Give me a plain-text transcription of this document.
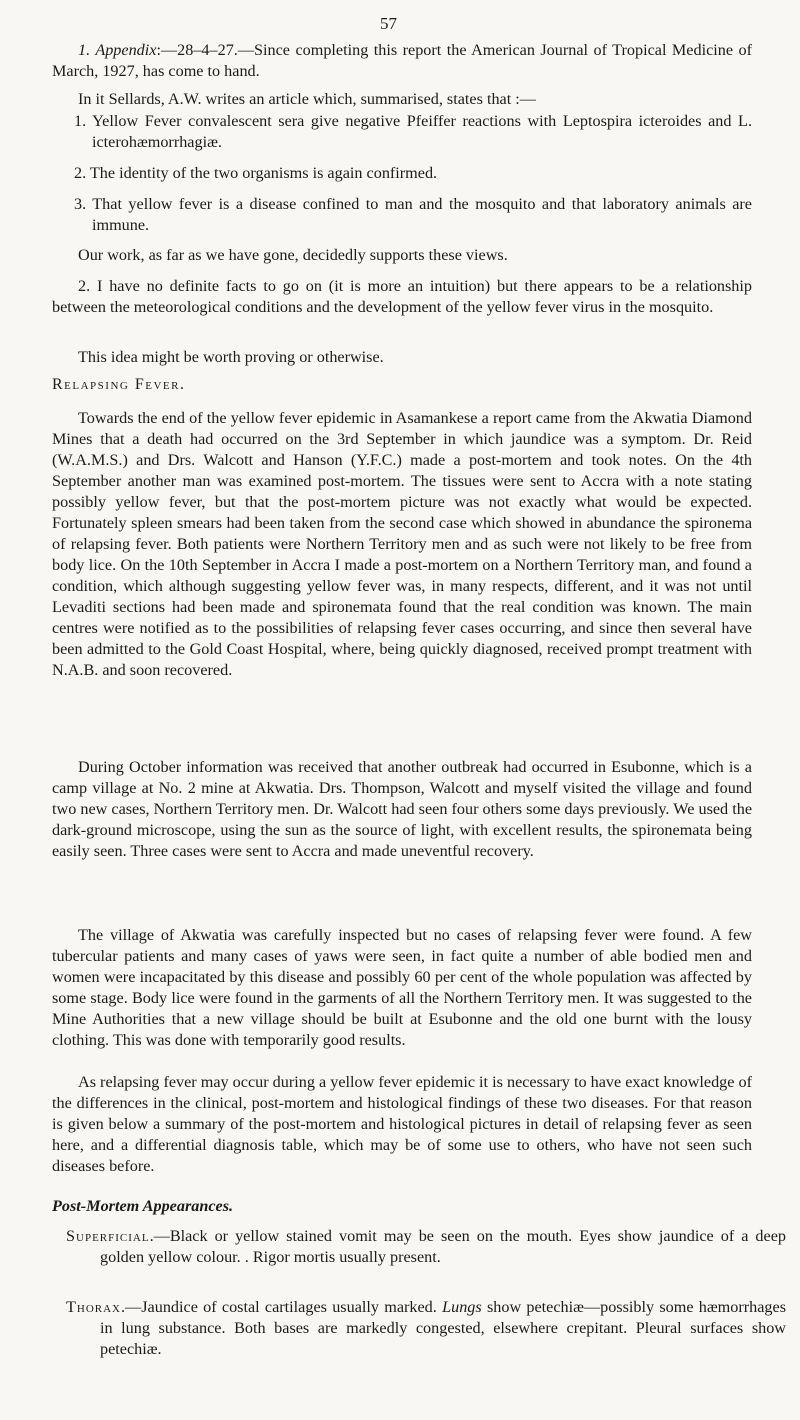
57

1. Appendix:—28–4–27.—Since completing this report the American Journal of Tropical Medicine of March, 1927, has come to hand.

In it Sellards, A.W. writes an article which, summarised, states that :—

1. Yellow Fever convalescent sera give negative Pfeiffer reactions with Leptospira icteroides and L. icterohæmorrhagiæ.

2. The identity of the two organisms is again confirmed.

3. That yellow fever is a disease confined to man and the mosquito and that laboratory animals are immune.

Our work, as far as we have gone, decidedly supports these views.

2. I have no definite facts to go on (it is more an intuition) but there appears to be a relationship between the meteorological conditions and the development of the yellow fever virus in the mosquito.

This idea might be worth proving or otherwise.

Relapsing Fever.

Towards the end of the yellow fever epidemic in Asamankese a report came from the Akwatia Diamond Mines that a death had occurred on the 3rd September in which jaundice was a symptom. Dr. Reid (W.A.M.S.) and Drs. Walcott and Hanson (Y.F.C.) made a post-mortem and took notes. On the 4th September another man was examined post-mortem. The tissues were sent to Accra with a note stating possibly yellow fever, but that the post-mortem picture was not exactly what would be expected. Fortunately spleen smears had been taken from the second case which showed in abundance the spironema of relapsing fever. Both patients were Northern Territory men and as such were not likely to be free from body lice. On the 10th September in Accra I made a post-mortem on a Northern Territory man, and found a condition, which although suggesting yellow fever was, in many respects, different, and it was not until Levaditi sections had been made and spironemata found that the real condition was known. The main centres were notified as to the possibilities of relapsing fever cases occurring, and since then several have been admitted to the Gold Coast Hospital, where, being quickly diagnosed, received prompt treatment with N.A.B. and soon recovered.

During October information was received that another outbreak had occurred in Esubonne, which is a camp village at No. 2 mine at Akwatia. Drs. Thompson, Walcott and myself visited the village and found two new cases, Northern Territory men. Dr. Walcott had seen four others some days previously. We used the dark-ground microscope, using the sun as the source of light, with excellent results, the spironemata being easily seen. Three cases were sent to Accra and made uneventful recovery.

The village of Akwatia was carefully inspected but no cases of relapsing fever were found. A few tubercular patients and many cases of yaws were seen, in fact quite a number of able bodied men and women were incapacitated by this disease and possibly 60 per cent of the whole population was affected by some stage. Body lice were found in the garments of all the Northern Territory men. It was suggested to the Mine Authorities that a new village should be built at Esubonne and the old one burnt with the lousy clothing. This was done with temporarily good results.

As relapsing fever may occur during a yellow fever epidemic it is necessary to have exact knowledge of the differences in the clinical, post-mortem and histological findings of these two diseases. For that reason is given below a summary of the post-mortem and histological pictures in detail of relapsing fever as seen here, and a differential diagnosis table, which may be of some use to others, who have not seen such diseases before.

Post-Mortem Appearances.

Superficial.—Black or yellow stained vomit may be seen on the mouth. Eyes show jaundice of a deep golden yellow colour. . Rigor mortis usually present.

Thorax.—Jaundice of costal cartilages usually marked. Lungs show petechiæ—possibly some hæmorrhages in lung substance. Both bases are markedly congested, elsewhere crepitant. Pleural surfaces show petechiæ.
